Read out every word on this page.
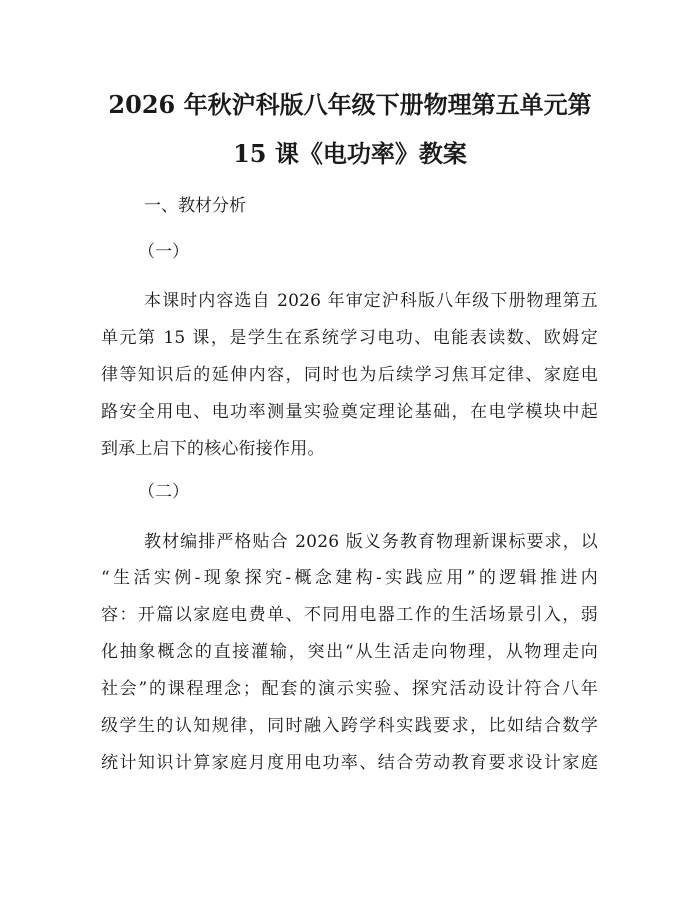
2026 年秋沪科版八年级下册物理第五单元第
15 课《电功率》教案

一、教材分析

（一）

本课时内容选自 2026 年审定沪科版八年级下册物理第五

单元第 15 课，是学生在系统学习电功、电能表读数、欧姆定

律等知识后的延伸内容，同时也为后续学习焦耳定律、家庭电

路安全用电、电功率测量实验奠定理论基础，在电学模块中起

到承上启下的核心衔接作用。

（二）

教材编排严格贴合 2026 版义务教育物理新课标要求，以

“生活实例-现象探究-概念建构-实践应用”的逻辑推进内

容：开篇以家庭电费单、不同用电器工作的生活场景引入，弱

化抽象概念的直接灌输，突出“从生活走向物理，从物理走向

社会”的课程理念；配套的演示实验、探究活动设计符合八年

级学生的认知规律，同时融入跨学科实践要求，比如结合数学

统计知识计算家庭月度用电功率、结合劳动教育要求设计家庭
